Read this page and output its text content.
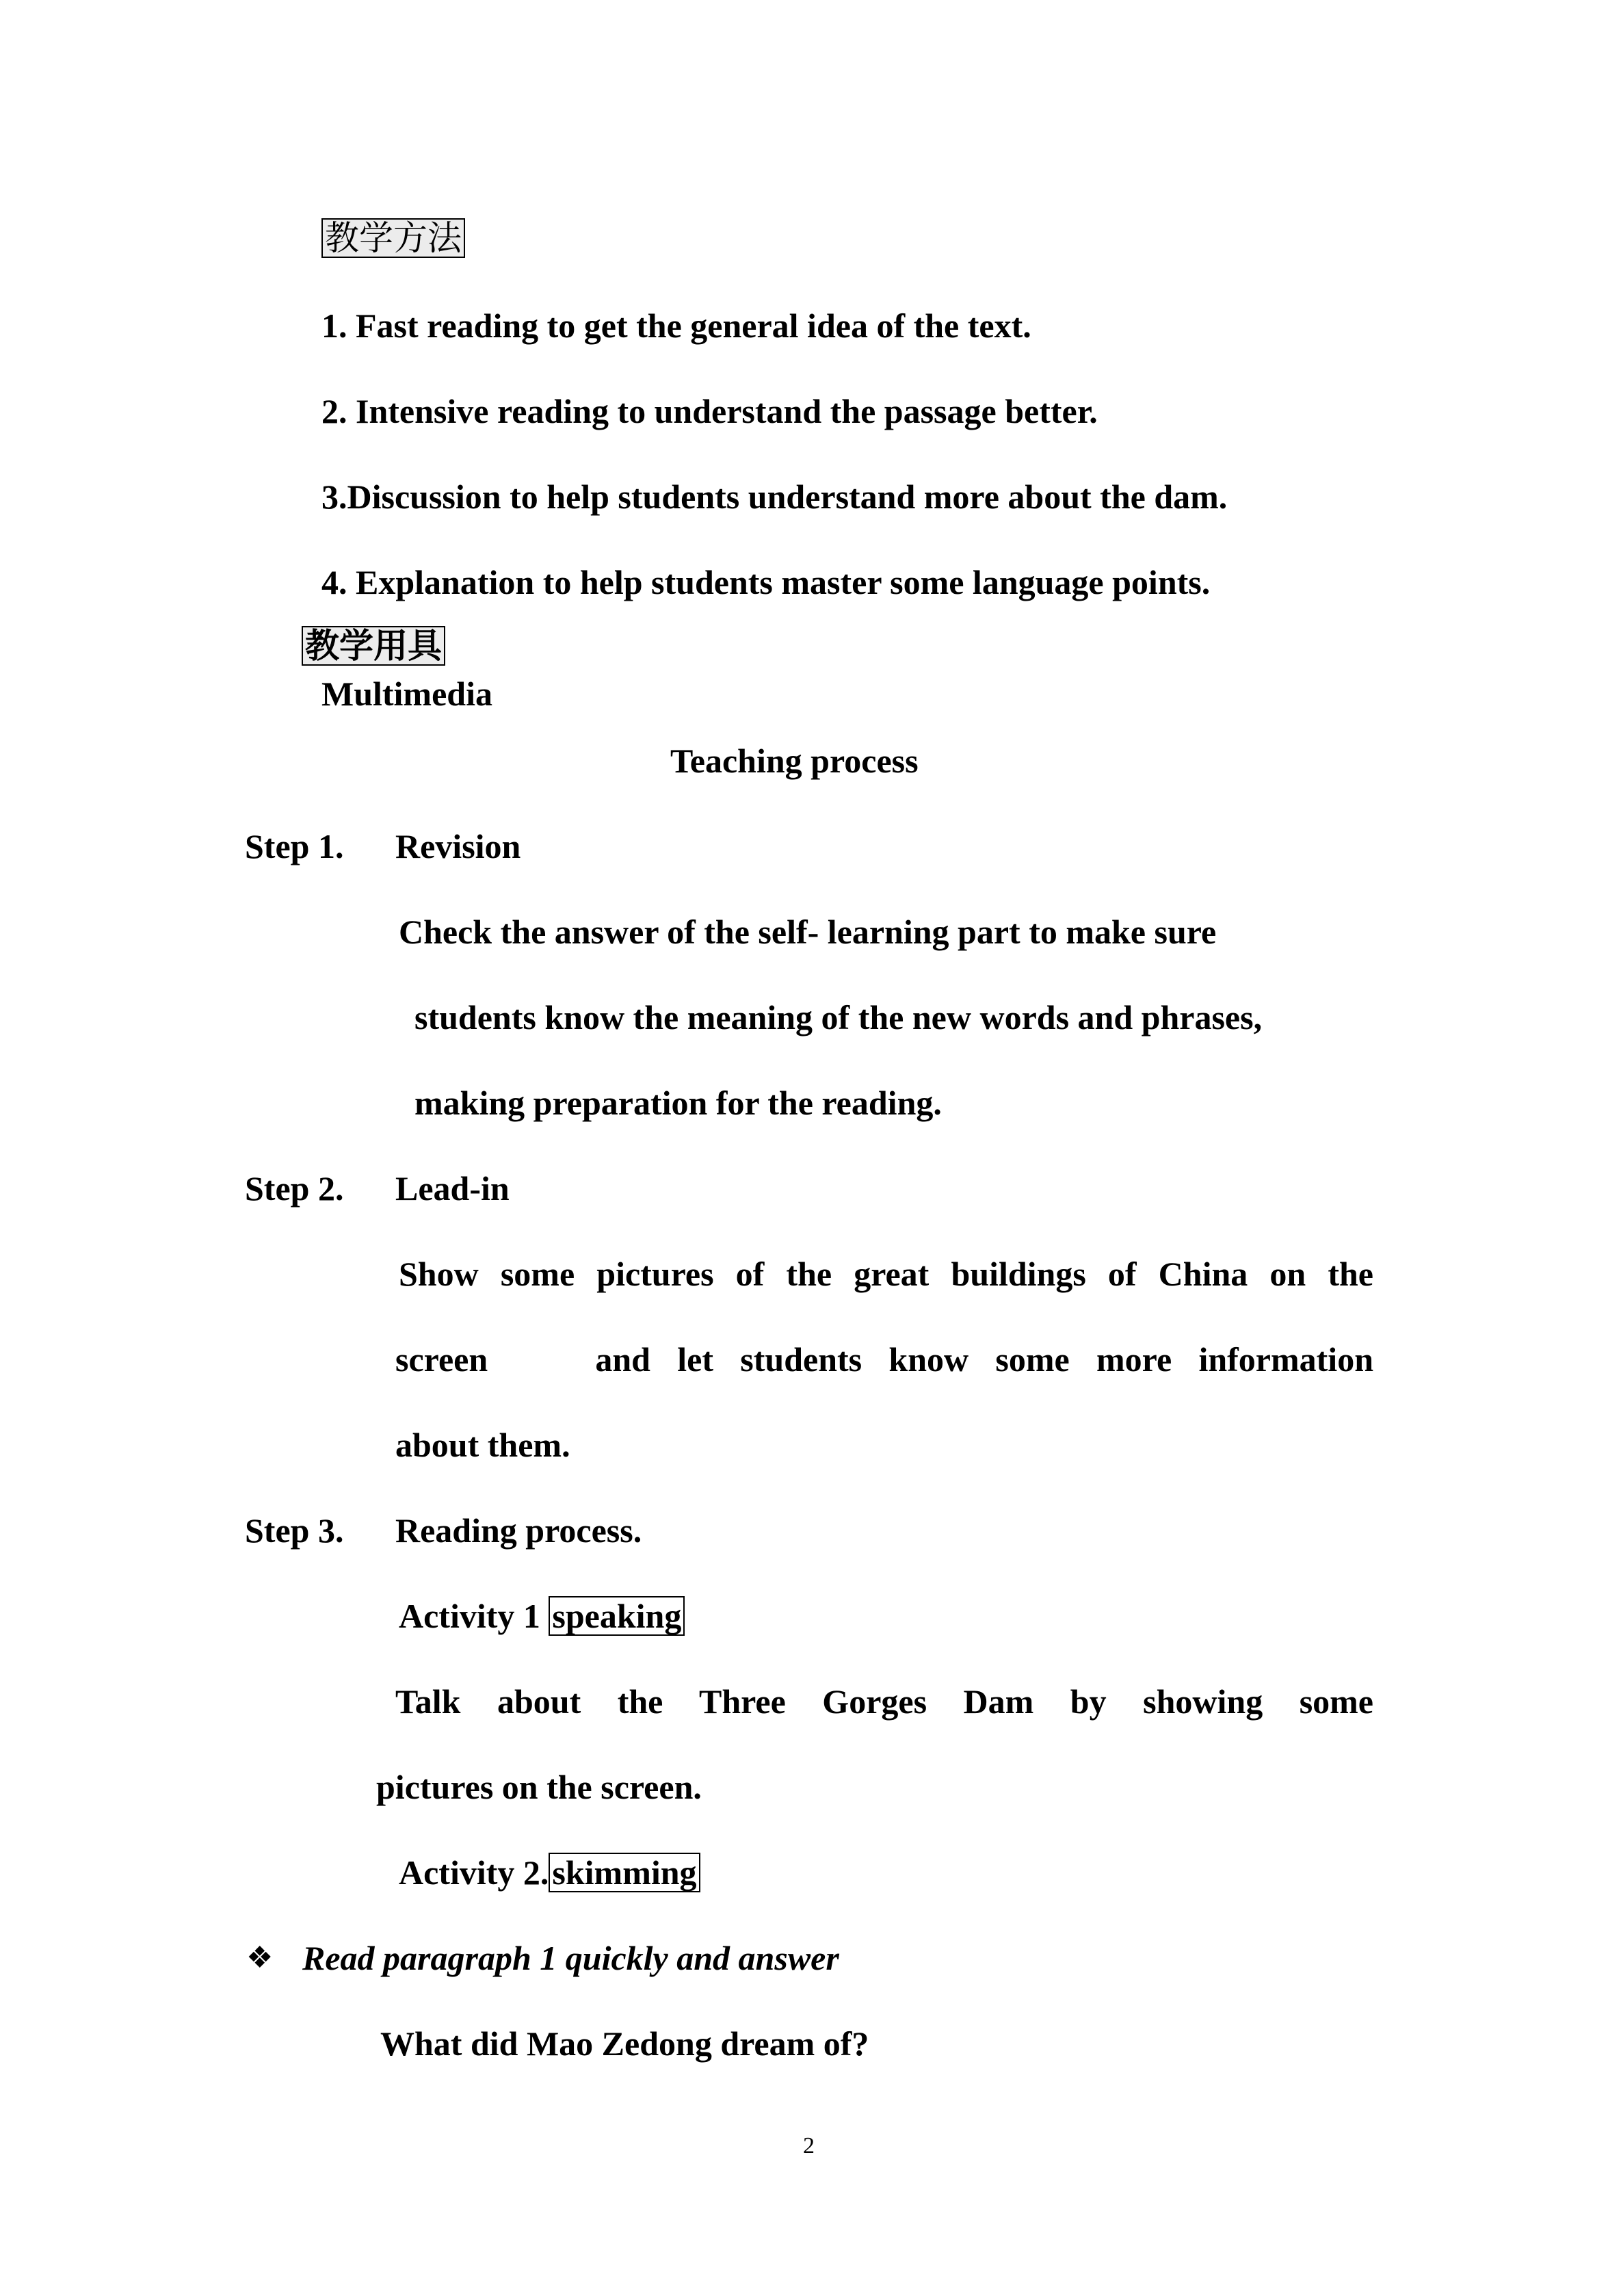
教学方法
1. Fast reading to get the general idea of the text.
2. Intensive reading to understand the passage better.
3.Discussion to help students understand more about the dam.
4. Explanation to help students master some language points.
教学用具
Multimedia
Teaching process
Step 1. Revision
Check the answer of the self- learning part to make sure
students know the meaning of the new words and phrases,
making preparation for the reading.
Step 2. Lead-in
Show some pictures of the great buildings of China on the
screen    and let students know some more information
about them.
Step 3. Reading process.
Activity 1 speaking
Talk about the Three Gorges Dam by showing some
pictures on the screen.
Activity 2. skimming
❖ Read paragraph 1 quickly and answer
What did Mao Zedong dream of?
2
